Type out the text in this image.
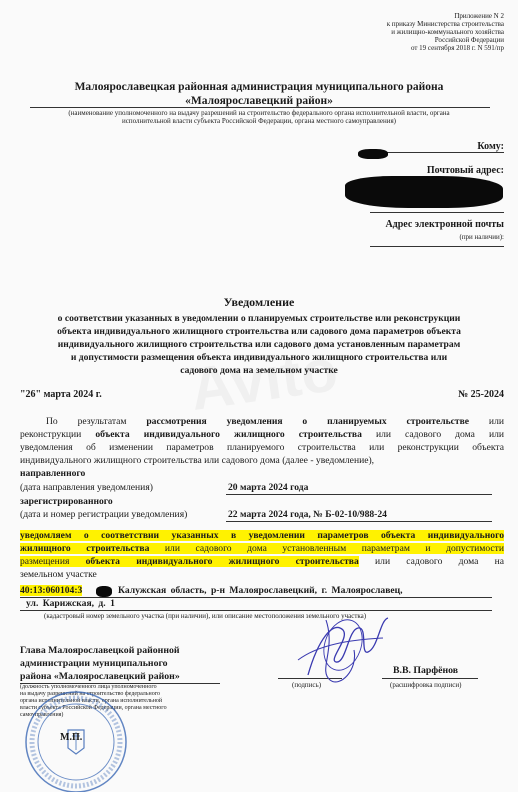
Приложение N 2
к приказу Министерства строительства
и жилищно-коммунального хозяйства
Российской Федерации
от 19 сентября 2018 г. N 591/пр
Малоярославецкая районная администрация муниципального района
«Малоярославецкий район»
(наименование уполномоченного на выдачу разрешений на строительство федерального органа исполнительной власти, органа
исполнительной власти субъекта Российской Федерации, органа местного самоуправления)
Кому:
Почтовый адрес:
Адрес электронной почты
(при наличии):
Уведомление
о соответствии указанных в уведомлении о планируемых строительстве или реконструкции
объекта индивидуального жилищного строительства или садового дома параметров объекта
индивидуального жилищного строительства или садового дома установленным параметрам
и допустимости размещения объекта индивидуального жилищного строительства или
садового дома на земельном участке
"26" марта 2024 г.	№ 25-2024
По результатам рассмотрения уведомления о планируемых строительстве или
реконструкции объекта индивидуального жилищного строительства или садового дома или
уведомления об изменении параметров планируемого строительства или реконструкции объекта
индивидуального жилищного строительства или садового дома (далее - уведомление),
направленного
(дата направления уведомления)	20 марта 2024 года
зарегистрированного
(дата и номер регистрации уведомления)	22 марта 2024 года, № Б-02-10/988-24
уведомляем о соответствии указанных в уведомлении параметров объекта индивидуального
жилищного строительства или садового дома установленным параметрам и допустимости
размещения объекта индивидуального жилищного строительства или садового дома на
земельном участке
40:13:060104:3	Калужская область, р-н Малоярославецкий, г. Малоярославец,
ул. Карижская, д. 1
(кадастровый номер земельного участка (при наличии), или описание местоположения земельного участка)
Глава Малоярославецкой районной
администрации муниципального
района «Малоярославецкий район»
(должность уполномоченного лица уполномоченного
на выдачу разрешений на строительство федерального
органа исполнительной власти, органа исполнительной
власти субъекта Российской Федерации, органа местного
самоуправления)
(подпись)
В.В. Парфёнов
(расшифровка подписи)
М.П.
